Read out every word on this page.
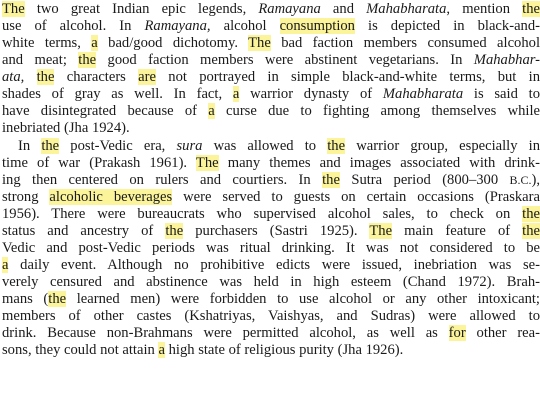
The two great Indian epic legends, Ramayana and Mahabharata, mention the
use of alcohol. In Ramayana, alcohol consumption is depicted in black-and-
white terms, a bad/good dichotomy. The bad faction members consumed alcohol
and meat; the good faction members were abstinent vegetarians. In Mahabhar-
ata, the characters are not portrayed in simple black-and-white terms, but in
shades of gray as well. In fact, a warrior dynasty of Mahabharata is said to
have disintegrated because of a curse due to fighting among themselves while
inebriated (Jha 1924).
In the post-Vedic era, sura was allowed to the warrior group, especially in
time of war (Prakash 1961). The many themes and images associated with drink-
ing then centered on rulers and courtiers. In the Sutra period (800–300 B.C.),
strong alcoholic beverages were served to guests on certain occasions (Praskara
1956). There were bureaucrats who supervised alcohol sales, to check on the
status and ancestry of the purchasers (Sastri 1925). The main feature of the
Vedic and post-Vedic periods was ritual drinking. It was not considered to be
a daily event. Although no prohibitive edicts were issued, inebriation was se-
verely censured and abstinence was held in high esteem (Chand 1972). Brah-
mans (the learned men) were forbidden to use alcohol or any other intoxicant;
members of other castes (Kshatriyas, Vaishyas, and Sudras) were allowed to
drink. Because non-Brahmans were permitted alcohol, as well as for other rea-
sons, they could not attain a high state of religious purity (Jha 1926).
